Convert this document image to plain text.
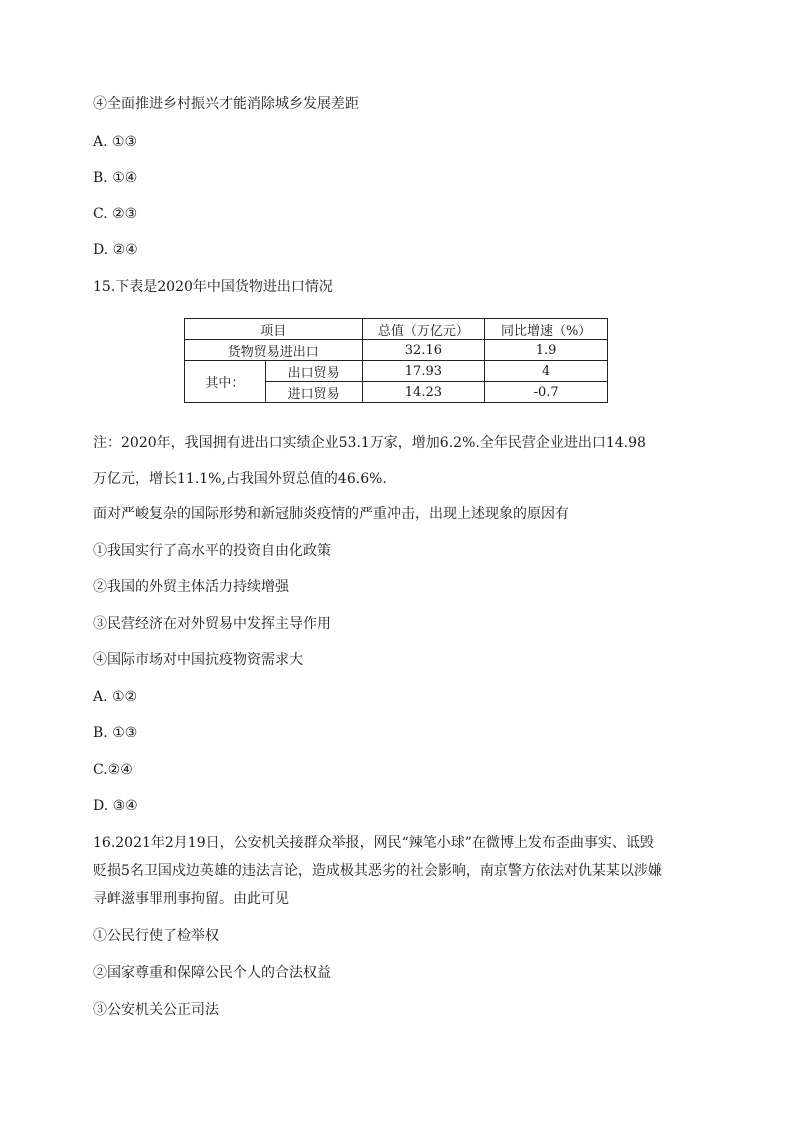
④全面推进乡村振兴才能消除城乡发展差距
A. ①③
B. ①④
C. ②③
D. ②④
15.下表是2020年中国货物进出口情况
项目		总值（万亿元）	同比增速（%）
货物贸易进出口		32.16	1.9
其中：	出口贸易	17.93	4
	进口贸易	14.23	-0.7
注：2020年，我国拥有进出口实绩企业53.1万家，增加6.2%.全年民营企业进出口14.98
万亿元，增长11.1%,占我国外贸总值的46.6%.
面对严峻复杂的国际形势和新冠肺炎疫情的严重冲击，出现上述现象的原因有
①我国实行了高水平的投资自由化政策
②我国的外贸主体活力持续增强
③民营经济在对外贸易中发挥主导作用
④国际市场对中国抗疫物资需求大
A. ①②
B. ①③
C.②④
D. ③④
16.2021年2月19日，公安机关接群众举报，网民“辣笔小球”在微博上发布歪曲事实、诋毁
贬损5名卫国戍边英雄的违法言论，造成极其恶劣的社会影响，南京警方依法对仇某某以涉嫌
寻衅滋事罪刑事拘留。由此可见
①公民行使了检举权
②国家尊重和保障公民个人的合法权益
③公安机关公正司法
